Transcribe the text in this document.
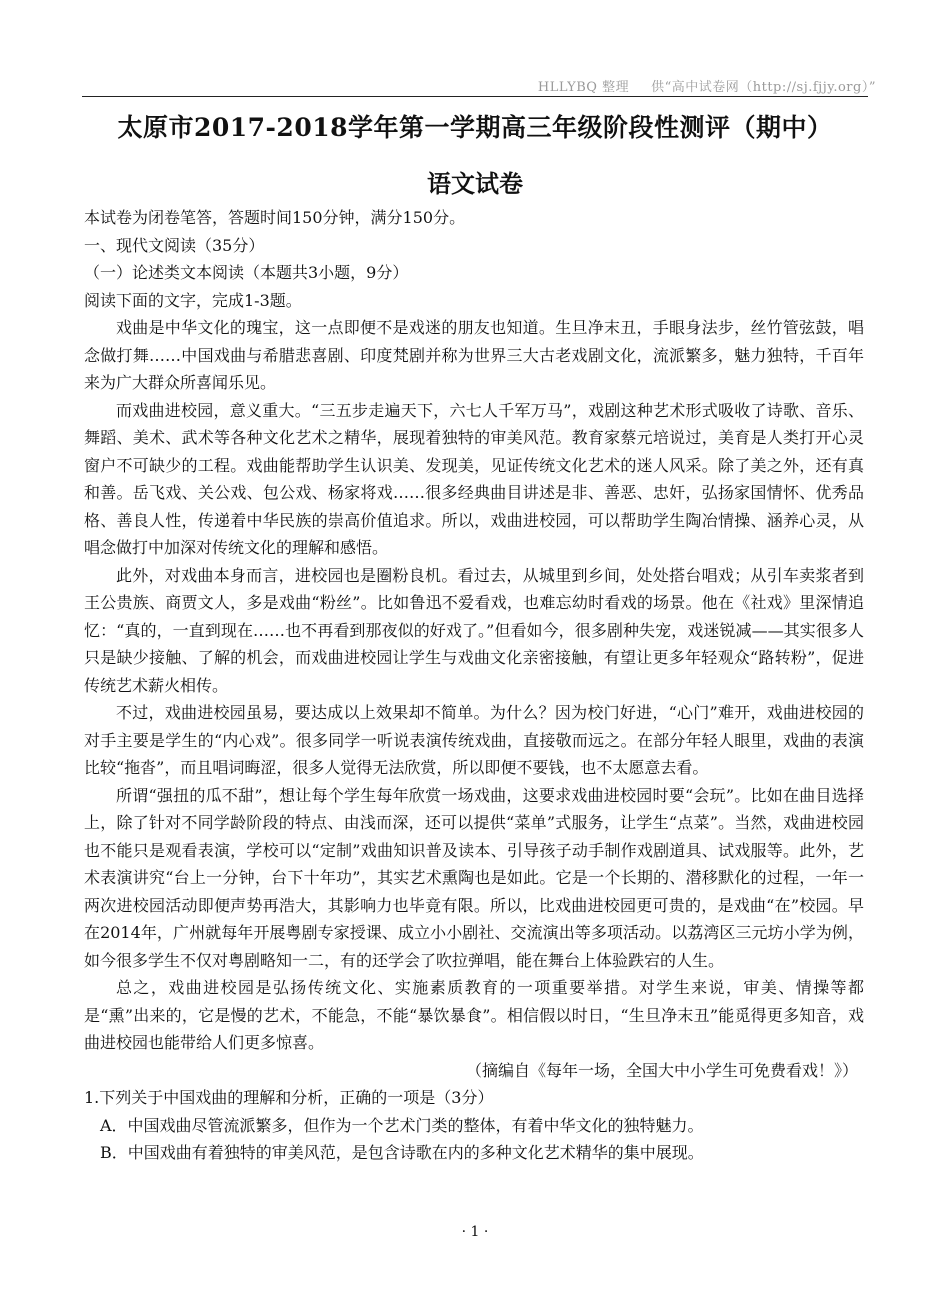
HLLYBQ 整理 供“高中试卷网（http://sj.fjjy.org）”
太原市2017-2018学年第一学期高三年级阶段性测评（期中）
语文试卷
本试卷为闭卷笔答，答题时间150分钟，满分150分。
一、现代文阅读（35分）
（一）论述类文本阅读（本题共3小题，9分）
阅读下面的文字，完成1-3题。
戏曲是中华文化的瑰宝，这一点即便不是戏迷的朋友也知道。生旦净末丑，手眼身法步，丝竹管弦鼓，唱念做打舞……中国戏曲与希腊悲喜剧、印度梵剧并称为世界三大古老戏剧文化，流派繁多，魅力独特，千百年来为广大群众所喜闻乐见。
而戏曲进校园，意义重大。“三五步走遍天下，六七人千军万马”，戏剧这种艺术形式吸收了诗歌、音乐、舞蹈、美术、武术等各种文化艺术之精华，展现着独特的审美风范。教育家蔡元培说过，美育是人类打开心灵窗户不可缺少的工程。戏曲能帮助学生认识美、发现美，见证传统文化艺术的迷人风采。除了美之外，还有真和善。岳飞戏、关公戏、包公戏、杨家将戏……很多经典曲目讲述是非、善恶、忠奸，弘扬家国情怀、优秀品格、善良人性，传递着中华民族的崇高价值追求。所以，戏曲进校园，可以帮助学生陶冶情操、涵养心灵，从唱念做打中加深对传统文化的理解和感悟。
此外，对戏曲本身而言，进校园也是圈粉良机。看过去，从城里到乡间，处处搭台唱戏；从引车卖浆者到王公贵族、商贾文人，多是戏曲“粉丝”。比如鲁迅不爱看戏，也难忘幼时看戏的场景。他在《社戏》里深情追忆：“真的，一直到现在……也不再看到那夜似的好戏了。”但看如今，很多剧种失宠，戏迷锐减——其实很多人只是缺少接触、了解的机会，而戏曲进校园让学生与戏曲文化亲密接触，有望让更多年轻观众“路转粉”，促进传统艺术薪火相传。
不过，戏曲进校园虽易，要达成以上效果却不简单。为什么？因为校门好进，“心门”难开，戏曲进校园的对手主要是学生的“内心戏”。很多同学一听说表演传统戏曲，直接敬而远之。在部分年轻人眼里，戏曲的表演比较“拖沓”，而且唱词晦涩，很多人觉得无法欣赏，所以即便不要钱，也不太愿意去看。
所谓“强扭的瓜不甜”，想让每个学生每年欣赏一场戏曲，这要求戏曲进校园时要“会玩”。比如在曲目选择上，除了针对不同学龄阶段的特点、由浅而深，还可以提供“菜单”式服务，让学生“点菜”。当然，戏曲进校园也不能只是观看表演，学校可以“定制”戏曲知识普及读本、引导孩子动手制作戏剧道具、试戏服等。此外，艺术表演讲究“台上一分钟，台下十年功”，其实艺术熏陶也是如此。它是一个长期的、潜移默化的过程，一年一两次进校园活动即便声势再浩大，其影响力也毕竟有限。所以，比戏曲进校园更可贵的，是戏曲“在”校园。早在2014年，广州就每年开展粤剧专家授课、成立小小剧社、交流演出等多项活动。以荔湾区三元坊小学为例，如今很多学生不仅对粤剧略知一二，有的还学会了吹拉弹唱，能在舞台上体验跌宕的人生。
总之，戏曲进校园是弘扬传统文化、实施素质教育的一项重要举措。对学生来说，审美、情操等都是“熏”出来的，它是慢的艺术，不能急，不能“暴饮暴食”。相信假以时日，“生旦净末丑”能觅得更多知音，戏曲进校园也能带给人们更多惊喜。
（摘编自《每年一场，全国大中小学生可免费看戏！》）
1.下列关于中国戏曲的理解和分析，正确的一项是（3分）
A．中国戏曲尽管流派繁多，但作为一个艺术门类的整体，有着中华文化的独特魅力。
B．中国戏曲有着独特的审美风范，是包含诗歌在内的多种文化艺术精华的集中展现。
· 1 ·
